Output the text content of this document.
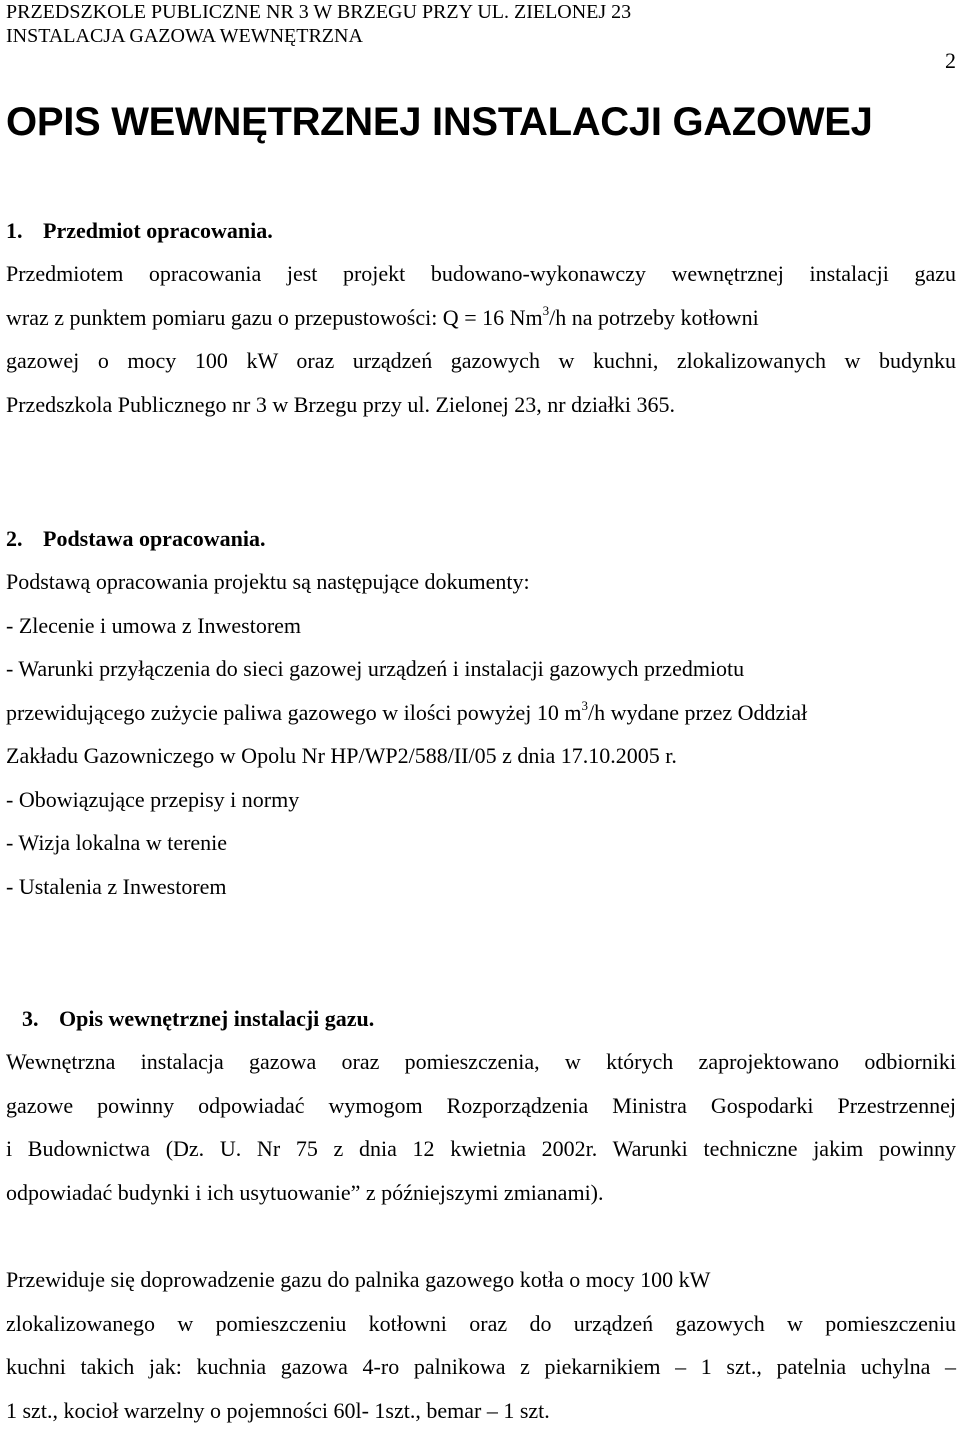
PRZEDSZKOLE PUBLICZNE NR 3 W BRZEGU PRZY UL. ZIELONEJ 23
INSTALACJA GAZOWA WEWNĘTRZNA
2
OPIS WEWNĘTRZNEJ INSTALACJI GAZOWEJ
1. Przedmiot opracowania.
Przedmiotem opracowania jest projekt budowano-wykonawczy wewnętrznej instalacji gazu
wraz z punktem pomiaru gazu o przepustowości: Q = 16 Nm$^3$/h na potrzeby kotłowni
gazowej o mocy 100 kW oraz urządzeń gazowych w kuchni, zlokalizowanych w budynku
Przedszkola Publicznego nr 3 w Brzegu przy ul. Zielonej 23, nr działki 365.
2. Podstawa opracowania.
Podstawą opracowania projektu są następujące dokumenty:
- Zlecenie i umowa z Inwestorem
- Warunki przyłączenia do sieci gazowej urządzeń i instalacji gazowych przedmiotu
przewidującego zużycie paliwa gazowego w ilości powyżej 10 $m^3/h$ wydane przez Oddział
Zakładu Gazowniczego w Opolu Nr HP/WP2/588/II/05 z dnia 17.10.2005 r.
- Obowiązujące przepisy i normy
- Wizja lokalna w terenie
- Ustalenia z Inwestorem
3. Opis wewnętrznej instalacji gazu.
Wewnętrzna instalacja gazowa oraz pomieszczenia, w których zaprojektowano odbiorniki
gazowe powinny odpowiadać wymogom Rozporządzenia Ministra Gospodarki Przestrzennej
i Budownictwa (Dz. U. Nr 75 z dnia 12 kwietnia 2002r. Warunki techniczne jakim powinny
odpowiadać budynki i ich usytuowanie” z późniejszymi zmianami).
Przewiduje się doprowadzenie gazu do palnika gazowego kotła o mocy 100 kW
zlokalizowanego w pomieszczeniu kotłowni oraz do urządzeń gazowych w pomieszczeniu
kuchni takich jak: kuchnia gazowa 4-ro palnikowa z piekarnikiem – 1 szt., patelnia uchylna –
1 szt., kocioł warzelny o pojemności 60l- 1szt., bemar – 1 szt.
